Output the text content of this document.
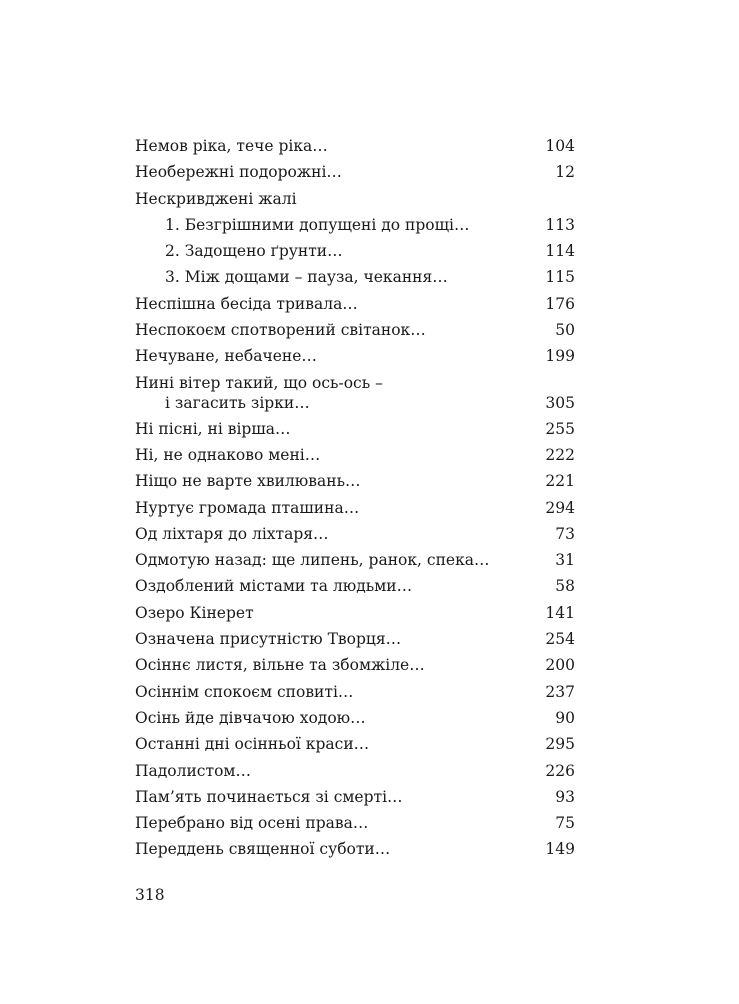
Немов ріка, тече ріка…	104
Необережні подорожні…	12
Нескривджені жалі
1. Безгрішними допущені до прощі…	113
2. Задощено ґрунти…	114
3. Між дощами – пауза, чекання…	115
Неспішна бесіда тривала…	176
Неспокоєм спотворений світанок…	50
Нечуване, небачене…	199
Нині вітер такий, що ось-ось –
і загасить зірки…	305
Ні пісні, ні вірша…	255
Ні, не однаково мені…	222
Ніщо не варте хвилювань…	221
Нуртує громада пташина…	294
Од ліхтаря до ліхтаря…	73
Одмотую назад: ще липень, ранок, спека…	31
Оздоблений містами та людьми…	58
Озеро Кінерет	141
Означена присутністю Творця…	254
Осіннє листя, вільне та збомжіле…	200
Осіннім спокоєм сповиті…	237
Осінь йде дівчачою ходою…	90
Останні дні осінньої краси…	295
Падолистом…	226
Пам’ять починається зі смерті…	93
Перебрано від осені права…	75
Переддень священної суботи…	149
318
